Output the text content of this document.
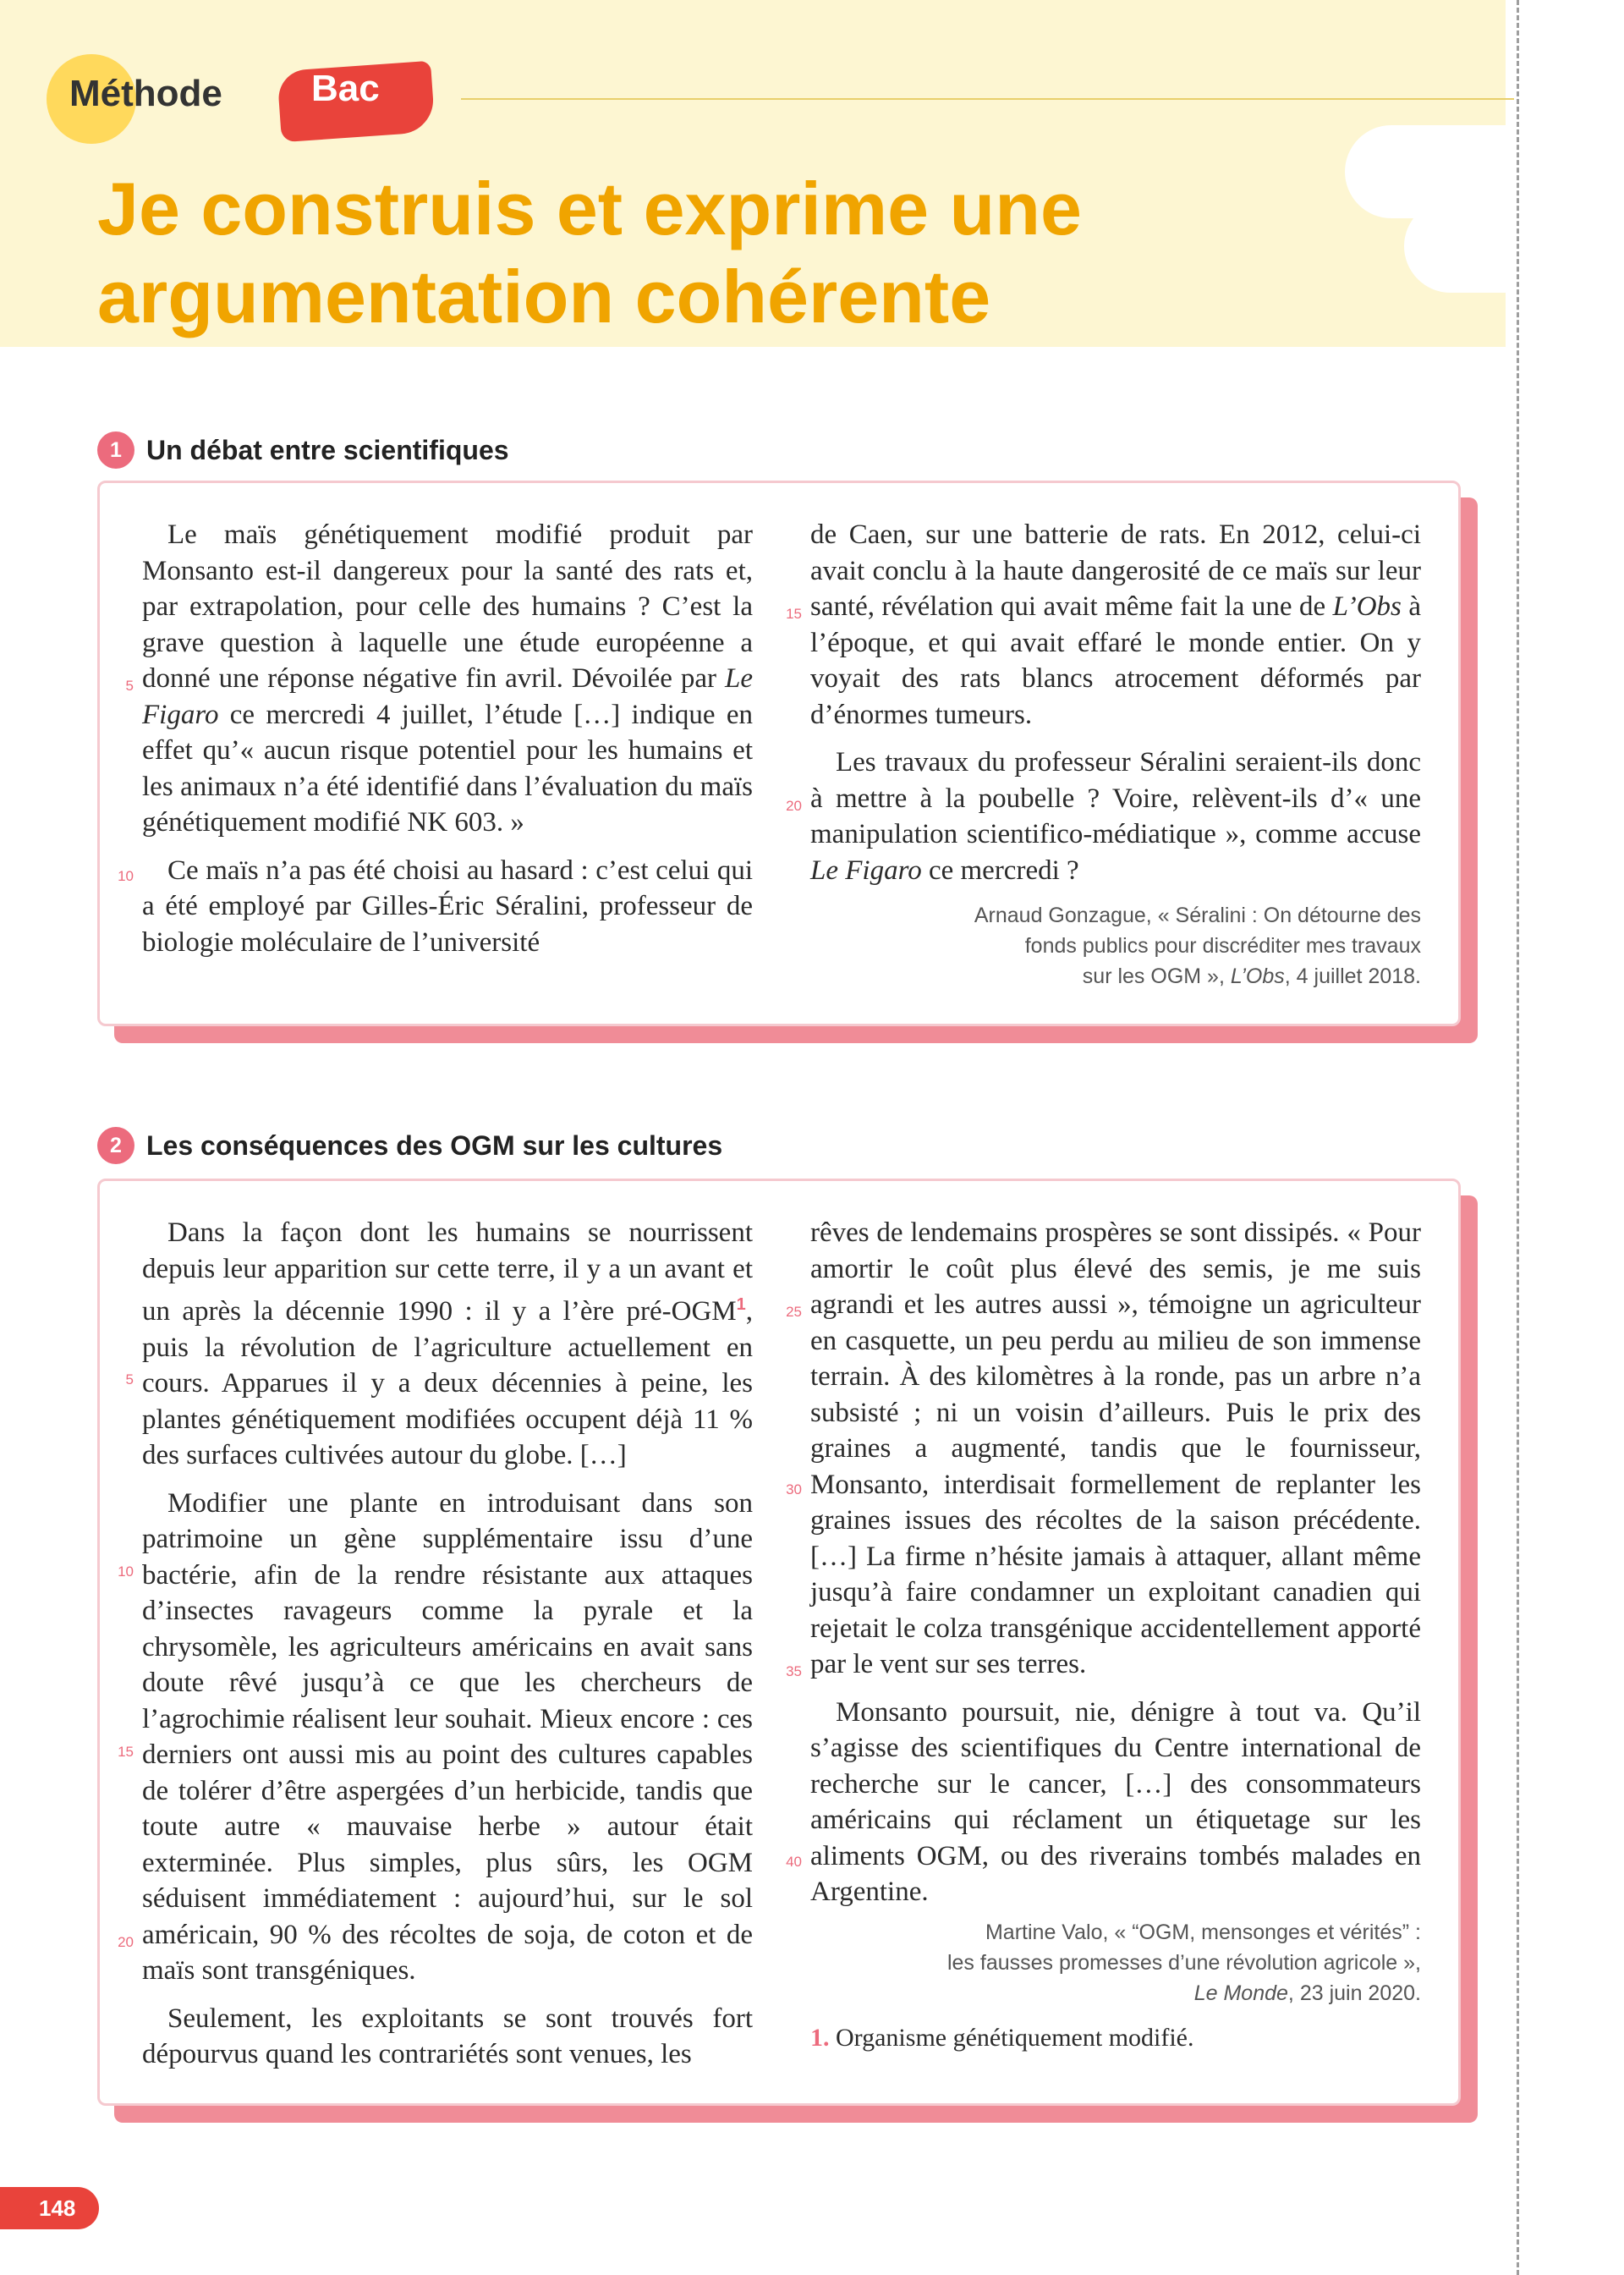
Méthode Bac
Je construis et exprime une
argumentation cohérente
1 Un débat entre scientifiques

Le maïs génétiquement modifié produit par Monsanto est-il dangereux pour la santé des rats et, par extrapolation, pour celle des humains ? C’est la grave question à laquelle une étude européenne a donné une réponse négative fin avril. Dévoilée par Le Figaro ce mercredi 4 juillet, l’étude […] indique en effet qu’« aucun risque potentiel pour les humains et les animaux n’a été identifié dans l’évaluation du maïs génétiquement modifié NK 603. »

Ce maïs n’a pas été choisi au hasard : c’est celui qui a été employé par Gilles-Éric Séralini, professeur de biologie moléculaire de l’université

de Caen, sur une batterie de rats. En 2012, celui-ci avait conclu à la haute dangerosité de ce maïs sur leur santé, révélation qui avait même fait la une de L’Obs à l’époque, et qui avait effaré le monde entier. On y voyait des rats blancs atrocement déformés par d’énormes tumeurs.

Les travaux du professeur Séralini seraient-ils donc à mettre à la poubelle ? Voire, relèvent-ils d’« une manipulation scientifico-médiatique », comme accuse Le Figaro ce mercredi ?

5
10
15
20
Arnaud Gonzague, « Séralini : On détourne des
fonds publics pour discréditer mes travaux
sur les OGM », L’Obs, 4 juillet 2018.
2 Les conséquences des OGM sur les cultures

Dans la façon dont les humains se nourrissent depuis leur apparition sur cette terre, il y a un avant et un après la décennie 1990 : il y a l’ère pré-OGM$^1$, puis la révolution de l’agriculture actuellement en cours. Apparues il y a deux décennies à peine, les plantes génétiquement modifiées occupent déjà 11 % des surfaces cultivées autour du globe. […]

Modifier une plante en introduisant dans son patrimoine un gène supplémentaire issu d’une bactérie, afin de la rendre résistante aux attaques d’insectes ravageurs comme la pyrale et la chrysomèle, les agriculteurs américains en avait sans doute rêvé jusqu’à ce que les chercheurs de l’agrochimie réalisent leur souhait. Mieux encore : ces derniers ont aussi mis au point des cultures capables de tolérer d’être aspergées d’un herbicide, tandis que toute autre « mauvaise herbe » autour était exterminée. Plus simples, plus sûrs, les OGM séduisent immédiatement : aujourd’hui, sur le sol américain, 90 % des récoltes de soja, de coton et de maïs sont transgéniques.

Seulement, les exploitants se sont trouvés fort dépourvus quand les contrariétés sont venues, les

rêves de lendemains prospères se sont dissipés. « Pour amortir le coût plus élevé des semis, je me suis agrandi et les autres aussi », témoigne un agriculteur en casquette, un peu perdu au milieu de son immense terrain. À des kilomètres à la ronde, pas un arbre n’a subsisté ; ni un voisin d’ailleurs. Puis le prix des graines a augmenté, tandis que le fournisseur, Monsanto, interdisait formellement de replanter les graines issues des récoltes de la saison précédente. […] La firme n’hésite jamais à attaquer, allant même jusqu’à faire condamner un exploitant canadien qui rejetait le colza transgénique accidentellement apporté par le vent sur ses terres.

Monsanto poursuit, nie, dénigre à tout va. Qu’il s’agisse des scientifiques du Centre international de recherche sur le cancer, […] des consommateurs américains qui réclament un étiquetage sur les aliments OGM, ou des riverains tombés malades en Argentine.

5
10
15
20
25
30
35
40
Martine Valo, « “OGM, mensonges et vérités” :
les fausses promesses d’une révolution agricole »,
Le Monde, 23 juin 2020.
1. Organisme génétiquement modifié.
148
